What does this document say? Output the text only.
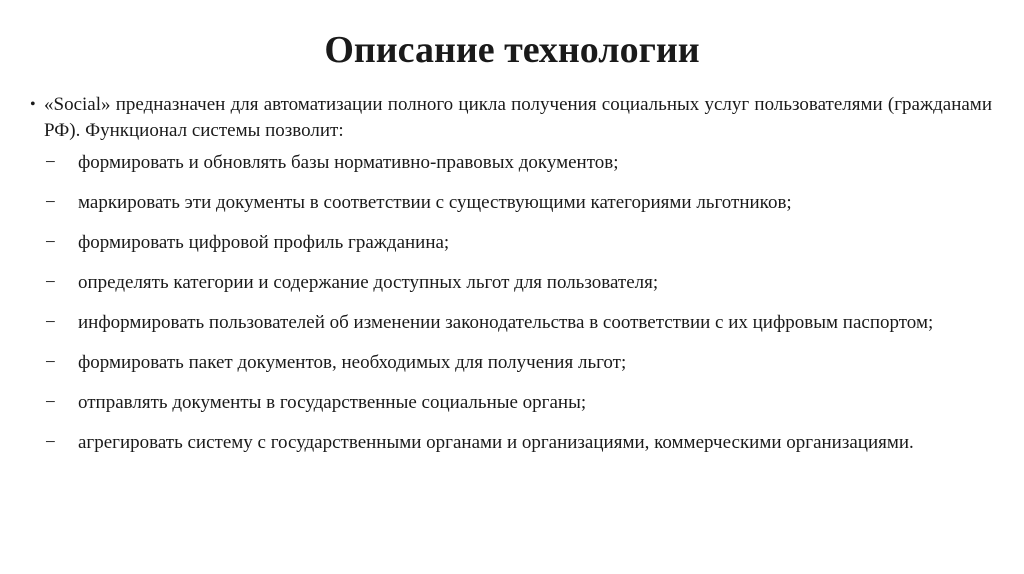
Описание технологии
• «Social» предназначен для автоматизации полного цикла получения социальных услуг пользователями (гражданами РФ). Функционал системы позволит:
− формировать и обновлять базы нормативно-правовых документов;
− маркировать эти документы в соответствии с существующими категориями льготников;
− формировать цифровой профиль гражданина;
− определять категории и содержание доступных льгот для пользователя;
− информировать пользователей об изменении законодательства в соответствии с их цифровым паспортом;
− формировать пакет документов, необходимых для получения льгот;
− отправлять документы в государственные социальные органы;
− агрегировать систему с государственными органами и организациями, коммерческими организациями.
